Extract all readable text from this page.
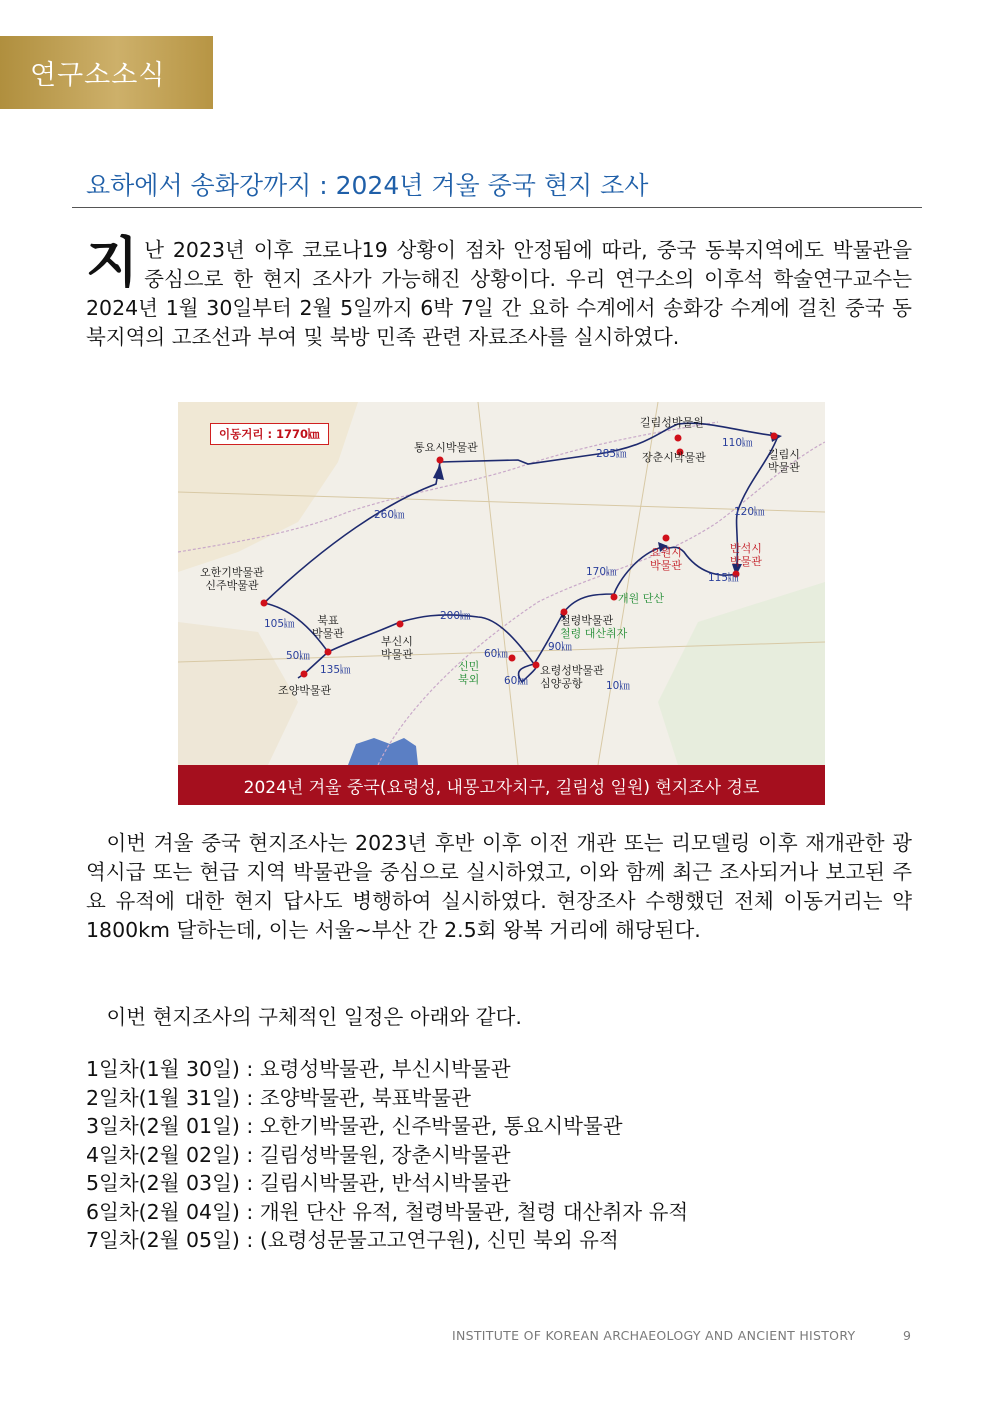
연구소소식
요하에서 송화강까지 : 2024년 겨울 중국 현지 조사

지난 2023년 이후 코로나19 상황이 점차 안정됨에 따라, 중국 동북지역에도 박물관을 중심으로 한 현지 조사가 가능해진 상황이다. 우리 연구소의 이후석 학술연구교수는 2024년 1월 30일부터 2월 5일까지 6박 7일 간 요하 수계에서 송화강 수계에 걸친 중국 동북지역의 고조선과 부여 및 북방 민족 관련 자료조사를 실시하였다.

이동거리 : 1770㎞
길림성박물원
장춘시박물관
통요시박물관
길림시
박물관
요원시
박물관
반석시
박물관
오한기박물관
신주박물관
북표
박물관
부신시
박물관
개원 단산
철령박물관
철령 대산취자
신민
북외
요령성박물관
심양공항
조양박물관
110㎞
285㎞
120㎞
115㎞
170㎞
260㎞
105㎞
200㎞
50㎞
135㎞
60㎞
60㎞
90㎞
10㎞
2024년 겨울 중국(요령성, 내몽고자치구, 길림성 일원) 현지조사 경로

 이번 겨울 중국 현지조사는 2023년 후반 이후 이전 개관 또는 리모델링 이후 재개관한 광역시급 또는 현급 지역 박물관을 중심으로 실시하였고, 이와 함께 최근 조사되거나 보고된 주요 유적에 대한 현지 답사도 병행하여 실시하였다. 현장조사 수행했던 전체 이동거리는 약 1800km 달하는데, 이는 서울~부산 간 2.5회 왕복 거리에 해당된다.

 이번 현지조사의 구체적인 일정은 아래와 같다.

1일차(1월 30일) : 요령성박물관, 부신시박물관
2일차(1월 31일) : 조양박물관, 북표박물관
3일차(2월 01일) : 오한기박물관, 신주박물관, 통요시박물관
4일차(2월 02일) : 길림성박물원, 장춘시박물관
5일차(2월 03일) : 길림시박물관, 반석시박물관
6일차(2월 04일) : 개원 단산 유적, 철령박물관, 철령 대산취자 유적
7일차(2월 05일) : (요령성문물고고연구원), 신민 북외 유적
INSTITUTE OF KOREAN ARCHAEOLOGY AND ANCIENT HISTORY	9
